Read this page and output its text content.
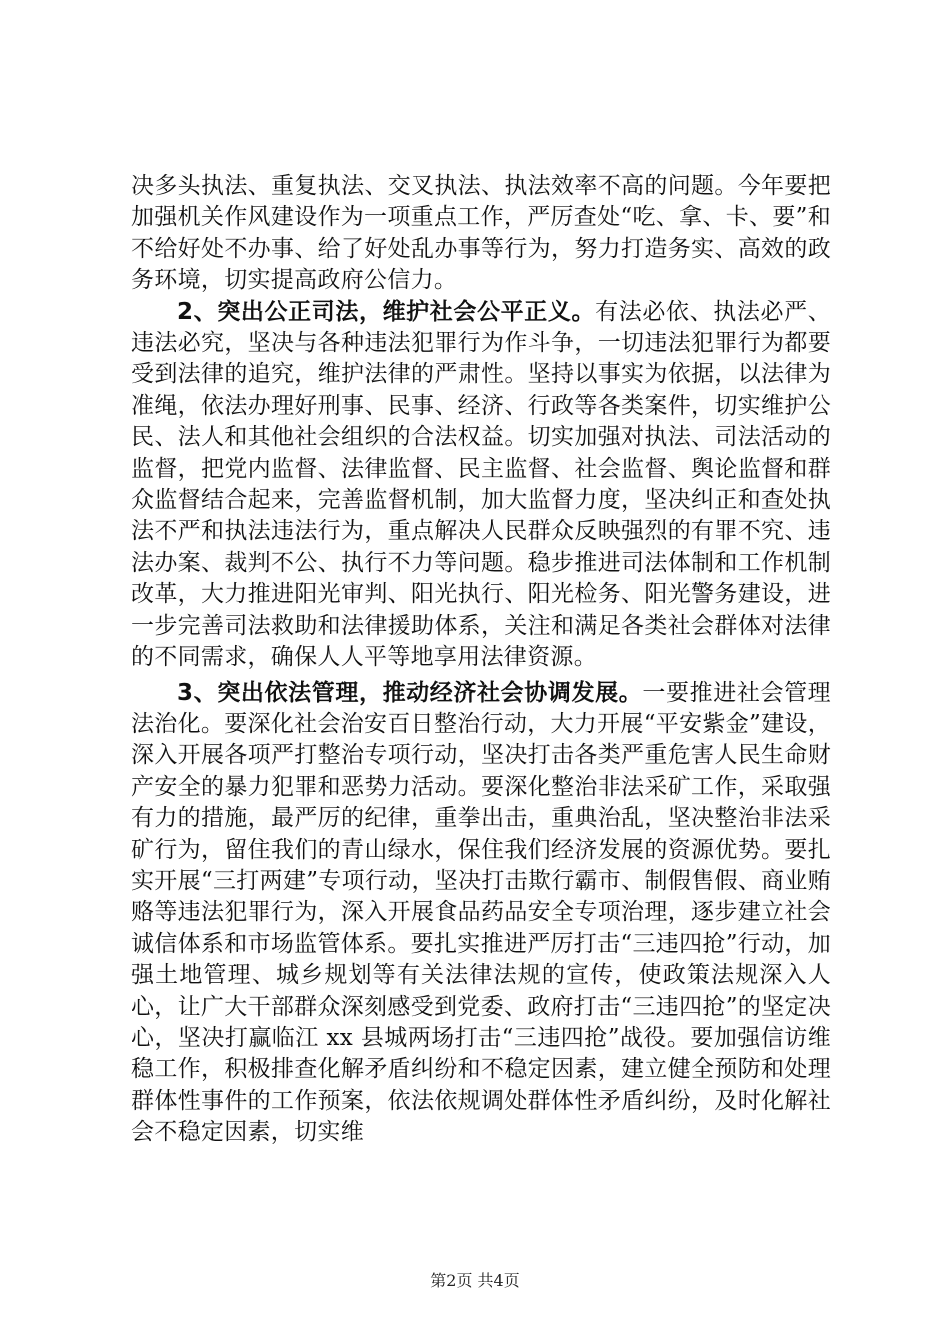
决多头执法、重复执法、交叉执法、执法效率不高的问题。今年要把加强机关作风建设作为一项重点工作，严厉查处“吃、拿、卡、要”和不给好处不办事、给了好处乱办事等行为，努力打造务实、高效的政务环境，切实提高政府公信力。

2、突出公正司法，维护社会公平正义。有法必依、执法必严、违法必究，坚决与各种违法犯罪行为作斗争，一切违法犯罪行为都要受到法律的追究，维护法律的严肃性。坚持以事实为依据，以法律为准绳，依法办理好刑事、民事、经济、行政等各类案件，切实维护公民、法人和其他社会组织的合法权益。切实加强对执法、司法活动的监督，把党内监督、法律监督、民主监督、社会监督、舆论监督和群众监督结合起来，完善监督机制，加大监督力度，坚决纠正和查处执法不严和执法违法行为，重点解决人民群众反映强烈的有罪不究、违法办案、裁判不公、执行不力等问题。稳步推进司法体制和工作机制改革，大力推进阳光审判、阳光执行、阳光检务、阳光警务建设，进一步完善司法救助和法律援助体系，关注和满足各类社会群体对法律的不同需求，确保人人平等地享用法律资源。

3、突出依法管理，推动经济社会协调发展。一要推进社会管理法治化。要深化社会治安百日整治行动，大力开展“平安紫金”建设，深入开展各项严打整治专项行动，坚决打击各类严重危害人民生命财产安全的暴力犯罪和恶势力活动。要深化整治非法采矿工作，采取强有力的措施，最严厉的纪律，重拳出击，重典治乱，坚决整治非法采矿行为，留住我们的青山绿水，保住我们经济发展的资源优势。要扎实开展“三打两建”专项行动，坚决打击欺行霸市、制假售假、商业贿赂等违法犯罪行为，深入开展食品药品安全专项治理，逐步建立社会诚信体系和市场监管体系。要扎实推进严厉打击“三违四抢”行动，加强土地管理、城乡规划等有关法律法规的宣传，使政策法规深入人心，让广大干部群众深刻感受到党委、政府打击“三违四抢”的坚定决心，坚决打赢临江 xx 县城两场打击“三违四抢”战役。要加强信访维稳工作，积极排查化解矛盾纠纷和不稳定因素，建立健全预防和处理群体性事件的工作预案，依法依规调处群体性矛盾纠纷，及时化解社会不稳定因素，切实维

第2页 共4页
